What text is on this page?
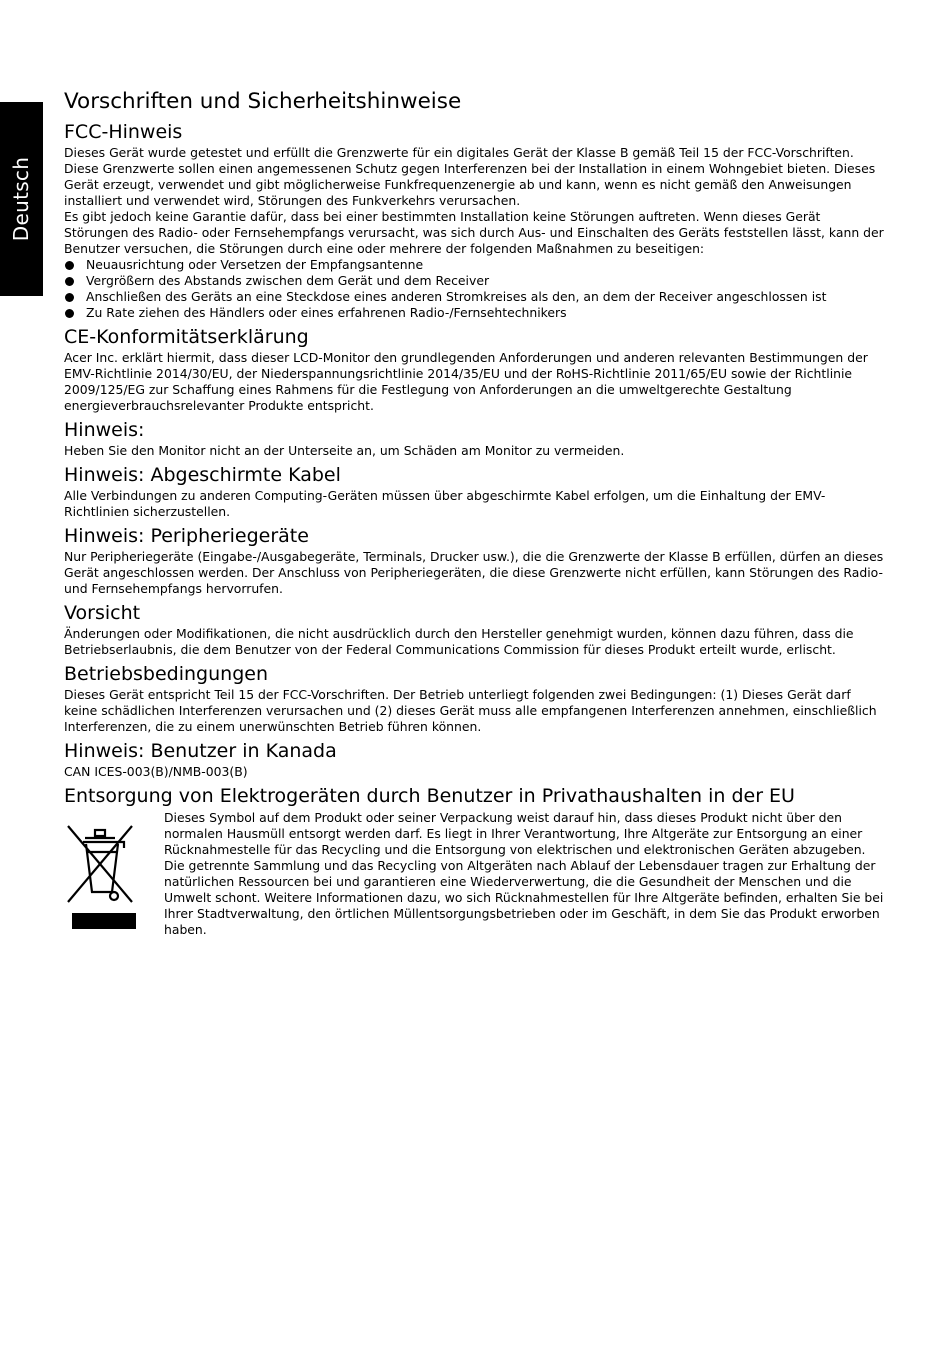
Deutsch
Vorschriften und Sicherheitshinweise
FCC-Hinweis

Dieses Gerät wurde getestet und erfüllt die Grenzwerte für ein digitales Gerät der Klasse B gemäß Teil 15 der FCC-Vorschriften. Diese Grenzwerte sollen einen angemessenen Schutz gegen Interferenzen bei der Installation in einem Wohngebiet bieten. Dieses Gerät erzeugt, verwendet und gibt möglicherweise Funkfrequenzenergie ab und kann, wenn es nicht gemäß den Anweisungen installiert und verwendet wird, Störungen des Funkverkehrs verursachen.

Es gibt jedoch keine Garantie dafür, dass bei einer bestimmten Installation keine Störungen auftreten. Wenn dieses Gerät Störungen des Radio- oder Fernsehempfangs verursacht, was sich durch Aus- und Einschalten des Geräts feststellen lässt, kann der Benutzer versuchen, die Störungen durch eine oder mehrere der folgenden Maßnahmen zu beseitigen:

Neuausrichtung oder Versetzen der Empfangsantenne
Vergrößern des Abstands zwischen dem Gerät und dem Receiver
Anschließen des Geräts an eine Steckdose eines anderen Stromkreises als den, an dem der Receiver angeschlossen ist
Zu Rate ziehen des Händlers oder eines erfahrenen Radio-/Fernsehtechnikers
CE-Konformitätserklärung

Acer Inc. erklärt hiermit, dass dieser LCD-Monitor den grundlegenden Anforderungen und anderen relevanten Bestimmungen der EMV-Richtlinie 2014/30/EU, der Niederspannungsrichtlinie 2014/35/EU und der RoHS-Richtlinie 2011/65/EU sowie der Richtlinie 2009/125/EG zur Schaffung eines Rahmens für die Festlegung von Anforderungen an die umweltgerechte Gestaltung energieverbrauchsrelevanter Produkte entspricht.

Hinweis:

Heben Sie den Monitor nicht an der Unterseite an, um Schäden am Monitor zu vermeiden.

Hinweis: Abgeschirmte Kabel

Alle Verbindungen zu anderen Computing-Geräten müssen über abgeschirmte Kabel erfolgen, um die Einhaltung der EMV-Richtlinien sicherzustellen.

Hinweis: Peripheriegeräte

Nur Peripheriegeräte (Eingabe-/Ausgabegeräte, Terminals, Drucker usw.), die die Grenzwerte der Klasse B erfüllen, dürfen an dieses Gerät angeschlossen werden. Der Anschluss von Peripheriegeräten, die diese Grenzwerte nicht erfüllen, kann Störungen des Radio- und Fernsehempfangs hervorrufen.

Vorsicht

Änderungen oder Modifikationen, die nicht ausdrücklich durch den Hersteller genehmigt wurden, können dazu führen, dass die Betriebserlaubnis, die dem Benutzer von der Federal Communications Commission für dieses Produkt erteilt wurde, erlischt.

Betriebsbedingungen

Dieses Gerät entspricht Teil 15 der FCC-Vorschriften. Der Betrieb unterliegt folgenden zwei Bedingungen: (1) Dieses Gerät darf keine schädlichen Interferenzen verursachen und (2) dieses Gerät muss alle empfangenen Interferenzen annehmen, einschließlich Interferenzen, die zu einem unerwünschten Betrieb führen können.

Hinweis: Benutzer in Kanada

CAN ICES-003(B)/NMB-003(B)

Entsorgung von Elektrogeräten durch Benutzer in Privathaushalten in der EU

Dieses Symbol auf dem Produkt oder seiner Verpackung weist darauf hin, dass dieses Produkt nicht über den normalen Hausmüll entsorgt werden darf. Es liegt in Ihrer Verantwortung, Ihre Altgeräte zur Entsorgung an einer Rücknahmestelle für das Recycling und die Entsorgung von elektrischen und elektronischen Geräten abzugeben. Die getrennte Sammlung und das Recycling von Altgeräten nach Ablauf der Lebensdauer tragen zur Erhaltung der natürlichen Ressourcen bei und garantieren eine Wiederverwertung, die die Gesundheit der Menschen und die Umwelt schont. Weitere Informationen dazu, wo sich Rücknahmestellen für Ihre Altgeräte befinden, erhalten Sie bei Ihrer Stadtverwaltung, den örtlichen Müllentsorgungsbetrieben oder im Geschäft, in dem Sie das Produkt erworben haben.
